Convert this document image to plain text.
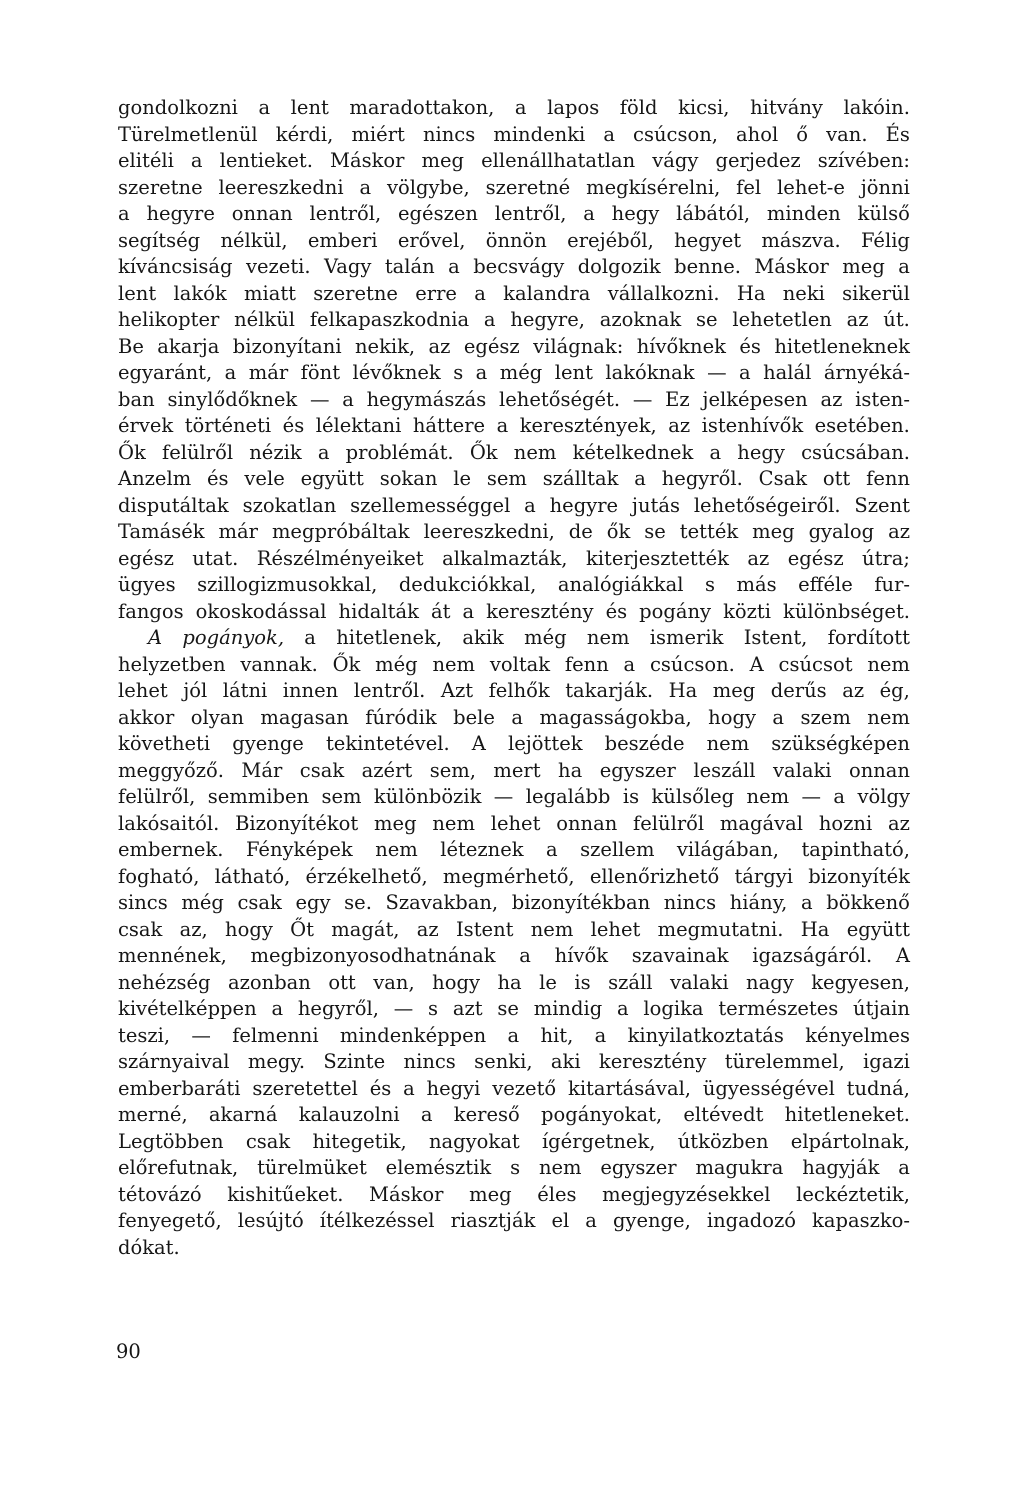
gondolkozni a lent maradottakon, a lapos föld kicsi, hitvány lakóin.
Türelmetlenül kérdi, miért nincs mindenki a csúcson, ahol ő van. És
elitéli a lentieket. Máskor meg ellenállhatatlan vágy gerjedez szívében:
szeretne leereszkedni a völgybe, szeretné megkísérelni, fel lehet-e jönni
a hegyre onnan lentről, egészen lentről, a hegy lábától, minden külső
segítség nélkül, emberi erővel, önnön erejéből, hegyet mászva. Félig
kíváncsiság vezeti. Vagy talán a becsvágy dolgozik benne. Máskor meg a
lent lakók miatt szeretne erre a kalandra vállalkozni. Ha neki sikerül
helikopter nélkül felkapaszkodnia a hegyre, azoknak se lehetetlen az út.
Be akarja bizonyítani nekik, az egész világnak: hívőknek és hitetleneknek
egyaránt, a már fönt lévőknek s a még lent lakóknak — a halál árnyéká-
ban sinylődőknek — a hegymászás lehetőségét. — Ez jelképesen az isten-
érvek történeti és lélektani háttere a keresztények, az istenhívők esetében.
Ők felülről nézik a problémát. Ők nem kételkednek a hegy csúcsában.
Anzelm és vele együtt sokan le sem szálltak a hegyről. Csak ott fenn
disputáltak szokatlan szellemességgel a hegyre jutás lehetőségeiről. Szent
Tamásék már megpróbáltak leereszkedni, de ők se tették meg gyalog az
egész utat. Részélményeiket alkalmazták, kiterjesztették az egész útra;
ügyes szillogizmusokkal, dedukciókkal, analógiákkal s más efféle fur-
fangos okoskodással hidalták át a keresztény és pogány közti különbséget.
A pogányok, a hitetlenek, akik még nem ismerik Istent, fordított
helyzetben vannak. Ők még nem voltak fenn a csúcson. A csúcsot nem
lehet jól látni innen lentről. Azt felhők takarják. Ha meg derűs az ég,
akkor olyan magasan fúródik bele a magasságokba, hogy a szem nem
követheti gyenge tekintetével. A lejöttek beszéde nem szükségképen
meggyőző. Már csak azért sem, mert ha egyszer leszáll valaki onnan
felülről, semmiben sem különbözik — legalább is külsőleg nem — a völgy
lakósaitól. Bizonyítékot meg nem lehet onnan felülről magával hozni az
embernek. Fényképek nem léteznek a szellem világában, tapintható,
fogható, látható, érzékelhető, megmérhető, ellenőrizhető tárgyi bizonyíték
sincs még csak egy se. Szavakban, bizonyítékban nincs hiány, a bökkenő
csak az, hogy Őt magát, az Istent nem lehet megmutatni. Ha együtt
mennének, megbizonyosodhatnának a hívők szavainak igazságáról. A
nehézség azonban ott van, hogy ha le is száll valaki nagy kegyesen,
kivételképpen a hegyről, — s azt se mindig a logika természetes útjain
teszi, — felmenni mindenképpen a hit, a kinyilatkoztatás kényelmes
szárnyaival megy. Szinte nincs senki, aki keresztény türelemmel, igazi
emberbaráti szeretettel és a hegyi vezető kitartásával, ügyességével tudná,
merné, akarná kalauzolni a kereső pogányokat, eltévedt hitetleneket.
Legtöbben csak hitegetik, nagyokat ígérgetnek, útközben elpártolnak,
előrefutnak, türelmüket elemésztik s nem egyszer magukra hagyják a
tétovázó kishitűeket. Máskor meg éles megjegyzésekkel leckéztetik,
fenyegető, lesújtó ítélkezéssel riasztják el a gyenge, ingadozó kapaszko-
dókat.
90
